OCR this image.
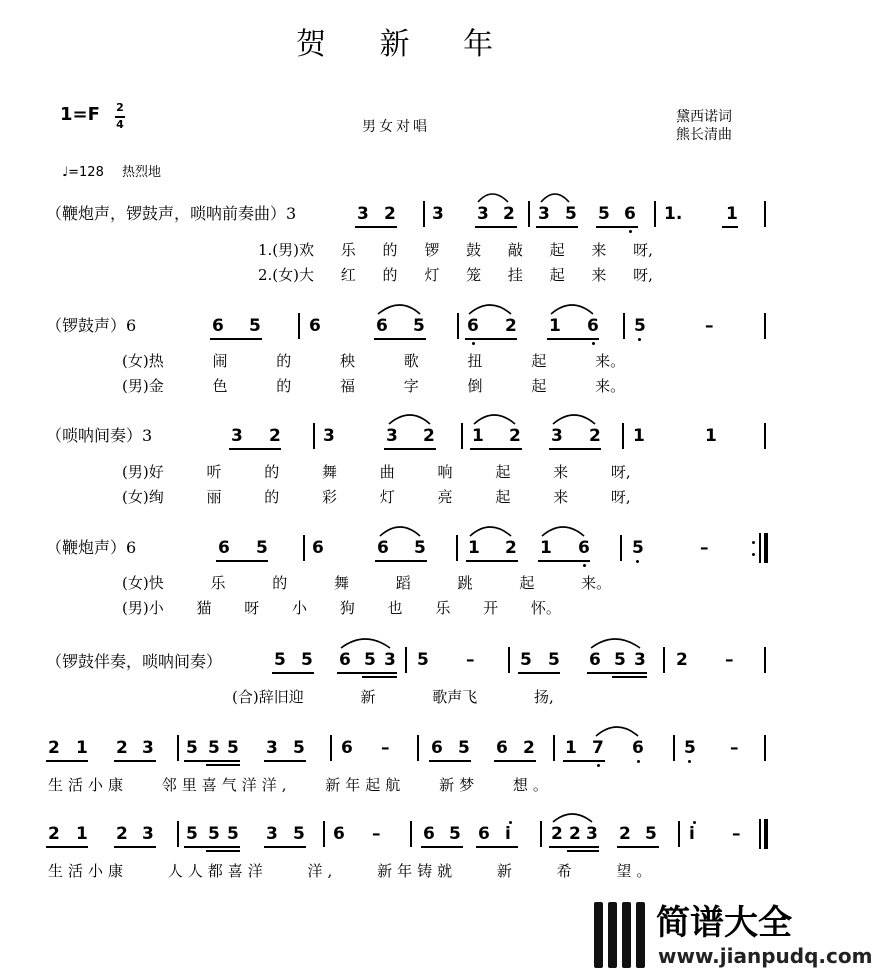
贺 新 年
1=F 2
4	男女对唱
黛西诺词
熊长清曲
♩=128 热烈地
（鞭炮声，锣鼓声，唢呐前奏曲）3	3 2 3 3 2 3 5 5 6 1.	1
1.(男)欢 乐 的 锣 鼓 敲 起 来 呀,
2.(女)大 红 的 灯 笼 挂 起 来 呀,
（锣鼓声）6	6 5	6	6 5 6 2 1 6 5	–
(女)热 闹 的 秧 歌 扭 起 来。
(男)金 色 的 福 字 倒 起 来。
（唢呐间奏）3	3 2 3	3 2 1 2 3 2 1	1
(男)好 听 的 舞 曲 响 起 来 呀,
(女)绚 丽 的 彩 灯 亮 起 来 呀,
（鞭炮声）6	6 5	6	6 5 1 2 1 6 5	–
(女)快 乐 的 舞 蹈 跳 起 来。
(男)小 猫 呀 小 狗 也 乐 开 怀。
（锣鼓伴奏，唢呐间奏）	5 5 6 5 3 5 –	5 5 6 5 3 2 –
(合)辞旧迎 新 歌声飞 扬,
2 1 2 3 5 5 5 3 5 6 – 6 5 6 2 1 7 6 5 –
生活小康 邻里喜气洋洋, 新年起航 新梦 想。
2 1 2 3 5 5 5 3 5 6 –	6 5 6 i 2 2 3 2 5 i –
生活小康 人人都喜洋 洋, 新年铸就 新 希 望。
简谱大全
www.jianpudq.com
